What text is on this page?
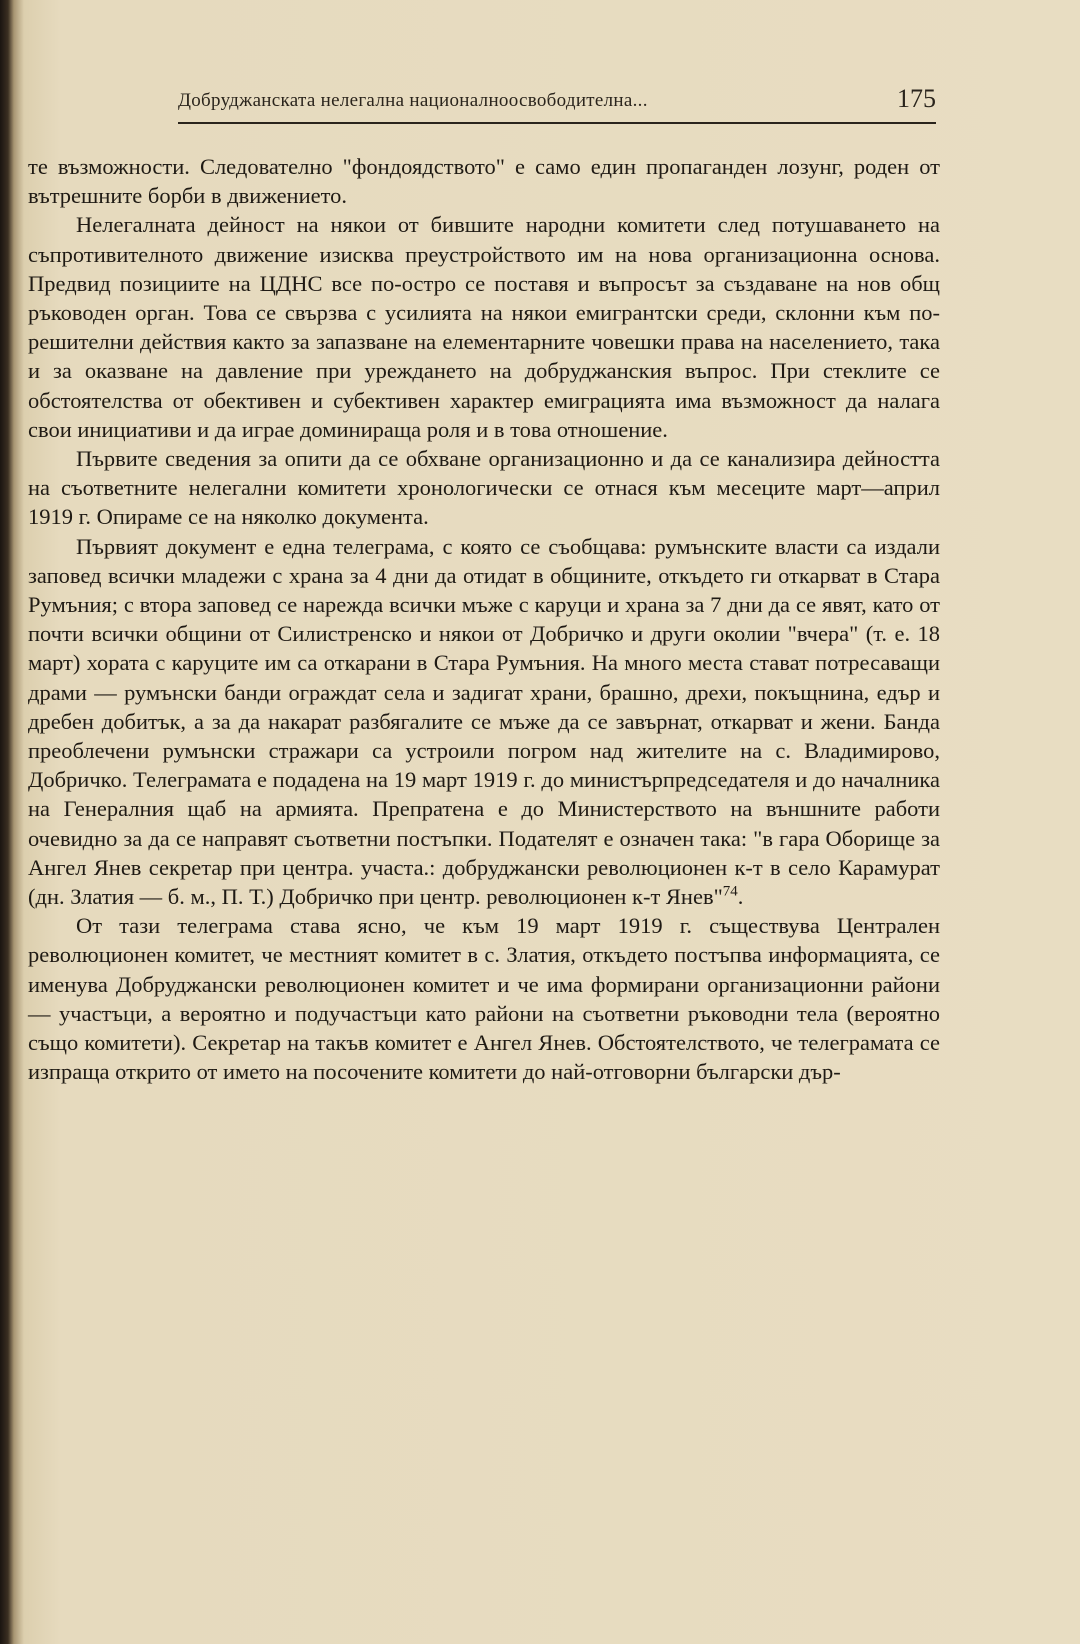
Добруджанската нелегална националноосвободителна...	175

те възможности. Следователно "фондоядството" е само един пропаганден лозунг, роден от вътрешните борби в движението.

Нелегалната дейност на някои от бившите народни комитети след потушаването на съпротивителното движение изисква преустройството им на нова организационна основа. Предвид позициите на ЦДНС все по-остро се поставя и въпросът за създаване на нов общ ръководен орган. Това се свързва с усилията на някои емигрантски среди, склонни към по-решителни действия както за запазване на елементарните човешки права на населението, така и за оказване на давление при уреждането на добруджанския въпрос. При стеклите се обстоятелства от обективен и субективен характер емиграцията има възможност да налага свои инициативи и да играе доминираща роля и в това отношение.

Първите сведения за опити да се обхване организационно и да се канализира дейността на съответните нелегални комитети хронологически се отнася към месеците март—април 1919 г. Опираме се на няколко документа.

Първият документ е една телеграма, с която се съобщава: румънските власти са издали заповед всички младежи с храна за 4 дни да отидат в общините, откъдето ги откарват в Стара Румъния; с втора заповед се нарежда всички мъже с каруци и храна за 7 дни да се явят, като от почти всички общини от Силистренско и някои от Добричко и други околии "вчера" (т. е. 18 март) хората с каруците им са откарани в Стара Румъния. На много места стават потресаващи драми — румънски банди ограждат села и задигат храни, брашно, дрехи, покъщнина, едър и дребен добитък, а за да накарат разбягалите се мъже да се завърнат, откарват и жени. Банда преоблечени румънски стражари са устроили погром над жителите на с. Владимирово, Добричко. Телеграмата е подадена на 19 март 1919 г. до министърпредседателя и до началника на Генералния щаб на армията. Препратена е до Министерството на външните работи очевидно за да се направят съответни постъпки. Подателят е означен така: "в гара Оборище за Ангел Янев секретар при центра. участа.: добруджански революционен к-т в село Карамурат (дн. Златия — б. м., П. Т.) Добричко при центр. революционен к-т Янев"$^{74}$.

От тази телеграма става ясно, че към 19 март 1919 г. съществува Централен революционен комитет, че местният комитет в с. Златия, откъдето постъпва информацията, се именува Добруджански революционен комитет и че има формирани организационни райони — участъци, а вероятно и подучастъци като райони на съответни ръководни тела (вероятно също комитети). Секретар на такъв комитет е Ангел Янев. Обстоятелството, че телеграмата се изпраща открито от името на посочените комитети до най-отговорни български дър-
